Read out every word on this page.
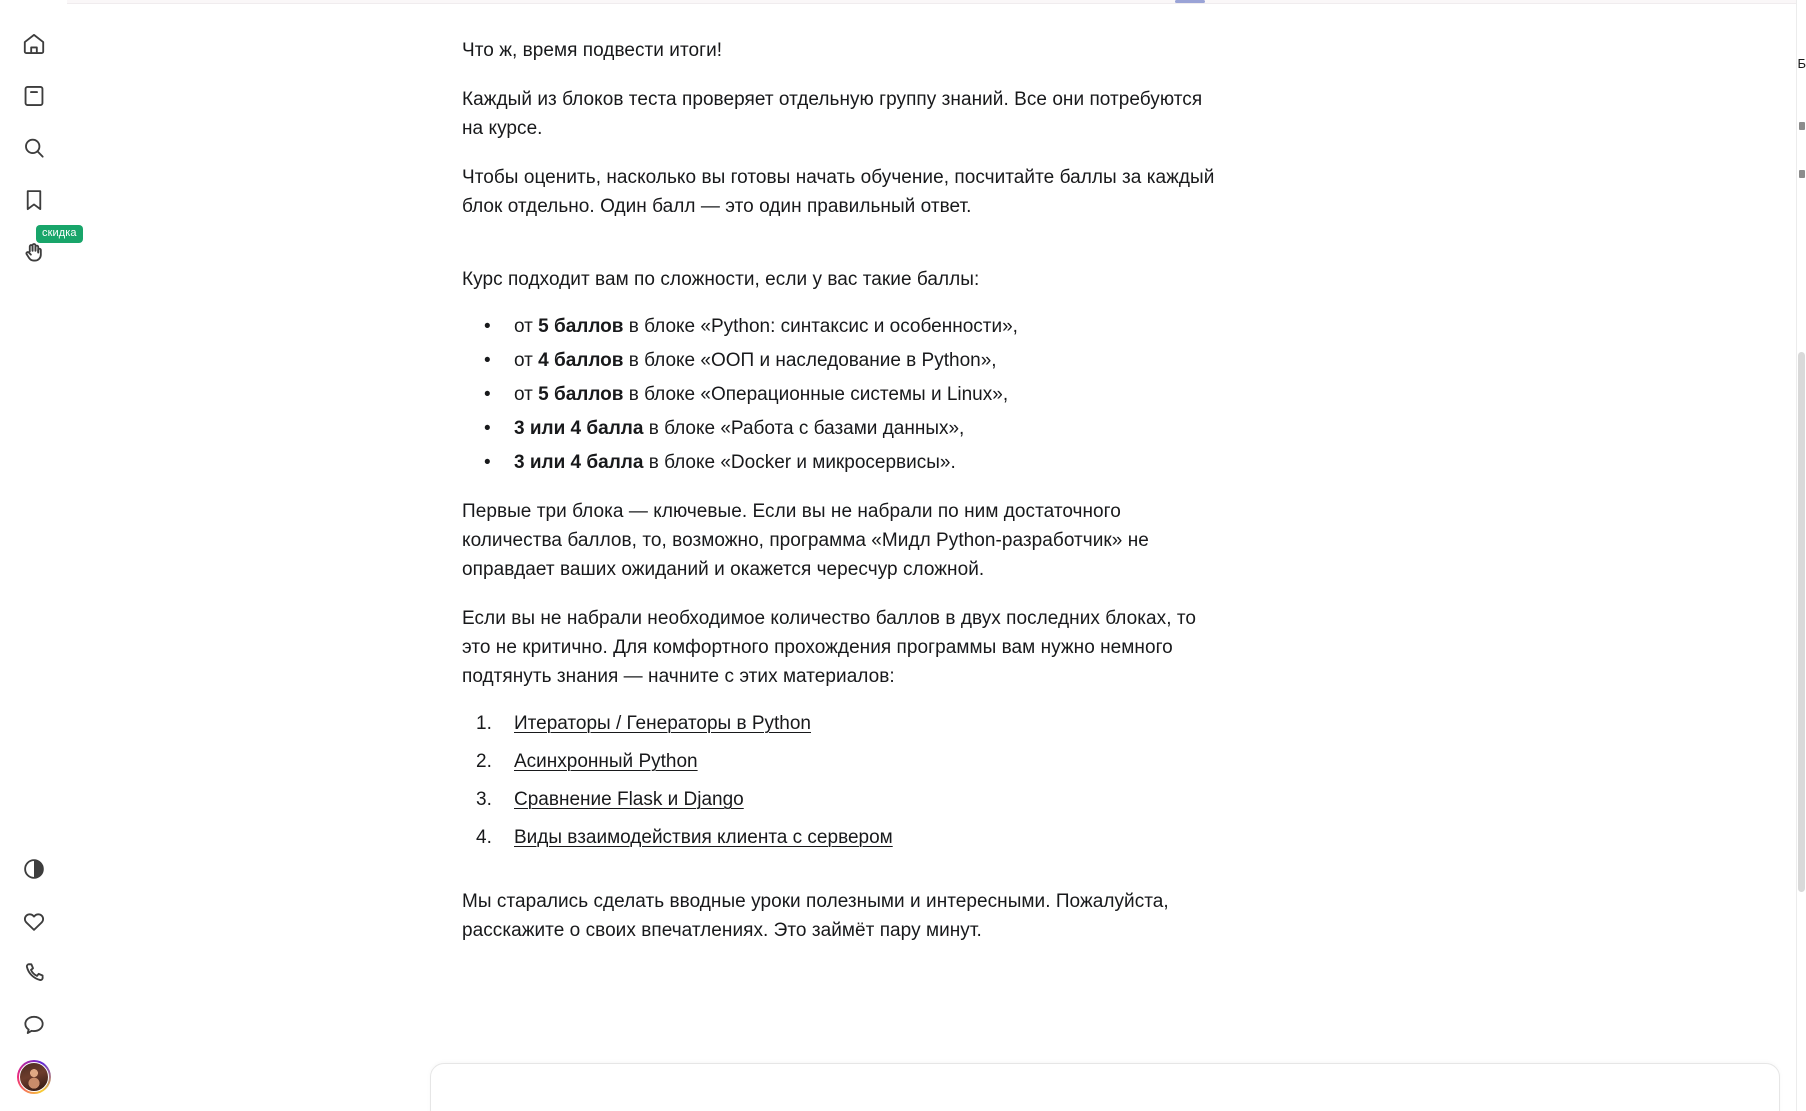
скидка

Что ж, время подвести итоги!

Каждый из блоков теста проверяет отдельную группу знаний. Все они потребуются на курсе.

Чтобы оценить, насколько вы готовы начать обучение, посчитайте баллы за каждый блок отдельно. Один балл — это один правильный ответ.

Курс подходит вам по сложности, если у вас такие баллы:

• от 5 баллов в блоке «Python: синтаксис и особенности»,
• от 4 баллов в блоке «ООП и наследование в Python»,
• от 5 баллов в блоке «Операционные системы и Linux»,
• 3 или 4 балла в блоке «Работа с базами данных»,
• 3 или 4 балла в блоке «Docker и микросервисы».

Первые три блока — ключевые. Если вы не набрали по ним достаточного количества баллов, то, возможно, программа «Мидл Python-разработчик» не оправдает ваших ожиданий и окажется чересчур сложной.

Если вы не набрали необходимое количество баллов в двух последних блоках, то это не критично. Для комфортного прохождения программы вам нужно немного подтянуть знания — начните с этих материалов:

Итераторы / Генераторы в Python
Асинхронный Python
Сравнение Flask и Django
Виды взаимодействия клиента с сервером

Мы старались сделать вводные уроки полезными и интересными. Пожалуйста, расскажите о своих впечатлениях. Это займёт пару минут.

Б
